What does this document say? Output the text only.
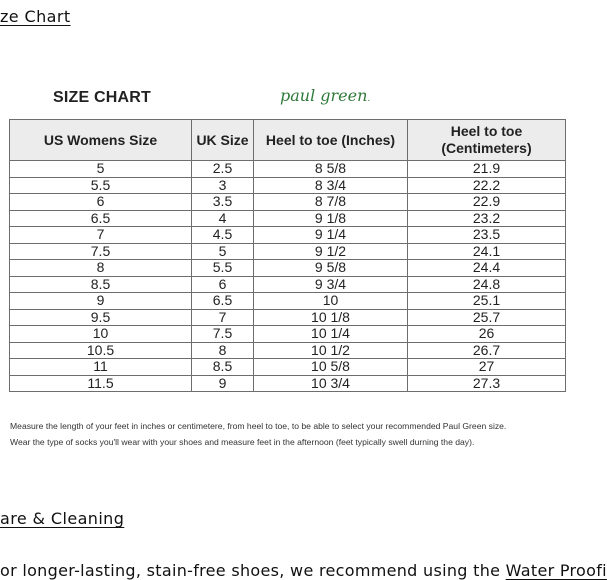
ze Chart
SIZE CHART	paul green.
US Womens Size	UK Size	Heel to toe (Inches)	Heel to toe (Centimeters)
5	2.5	8 5/8	21.9
5.5	3	8 3/4	22.2
6	3.5	8 7/8	22.9
6.5	4	9 1/8	23.2
7	4.5	9 1/4	23.5
7.5	5	9 1/2	24.1
8	5.5	9 5/8	24.4
8.5	6	9 3/4	24.8
9	6.5	10	25.1
9.5	7	10 1/8	25.7
10	7.5	10 1/4	26
10.5	8	10 1/2	26.7
11	8.5	10 5/8	27
11.5	9	10 3/4	27.3
Measure the length of your feet in inches or centimetere, from heel to toe, to be able to select your recommended Paul Green size.
Wear the type of socks you'll wear with your shoes and measure feet in the afternoon (feet typically swell durning the day).
are & Cleaning
or longer-lasting, stain-free shoes, we recommend using the Water Proofi
